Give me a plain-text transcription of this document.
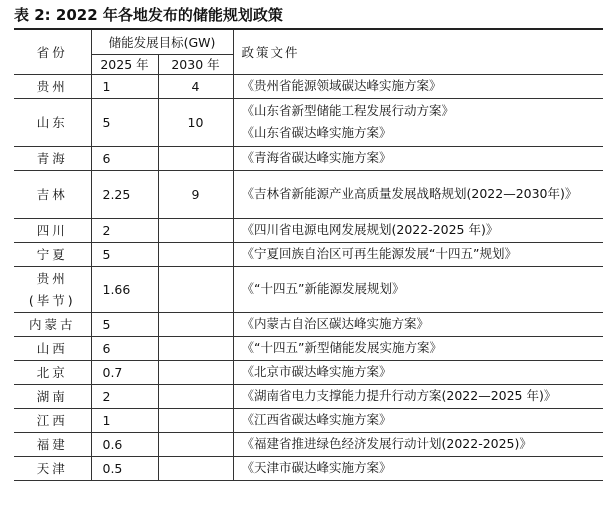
表 2: 2022 年各地发布的储能规划政策
省份	储能发展目标(GW)		政策文件
	2025 年	2030 年	

贵州	1	4	《贵州省能源领域碳达峰实施方案》

山东	5	10	《山东省新型储能工程发展行动方案》
《山东省碳达峰实施方案》

青海	6		《青海省碳达峰实施方案》

吉林	2.25	9	《吉林省新能源产业高质量发展战略规划(2022—2030年)》

四川	2		《四川省电源电网发展规划(2022-2025 年)》

宁夏	5		《宁夏回族自治区可再生能源发展“十四五”规划》

贵州
(毕节)	1.66		《“十四五”新能源发展规划》

内蒙古	5		《内蒙古自治区碳达峰实施方案》

山西	6		《“十四五”新型储能发展实施方案》

北京	0.7		《北京市碳达峰实施方案》

湖南	2		《湖南省电力支撑能力提升行动方案(2022—2025 年)》

江西	1		《江西省碳达峰实施方案》

福建	0.6		《福建省推进绿色经济发展行动计划(2022-2025)》

天津	0.5		《天津市碳达峰实施方案》
